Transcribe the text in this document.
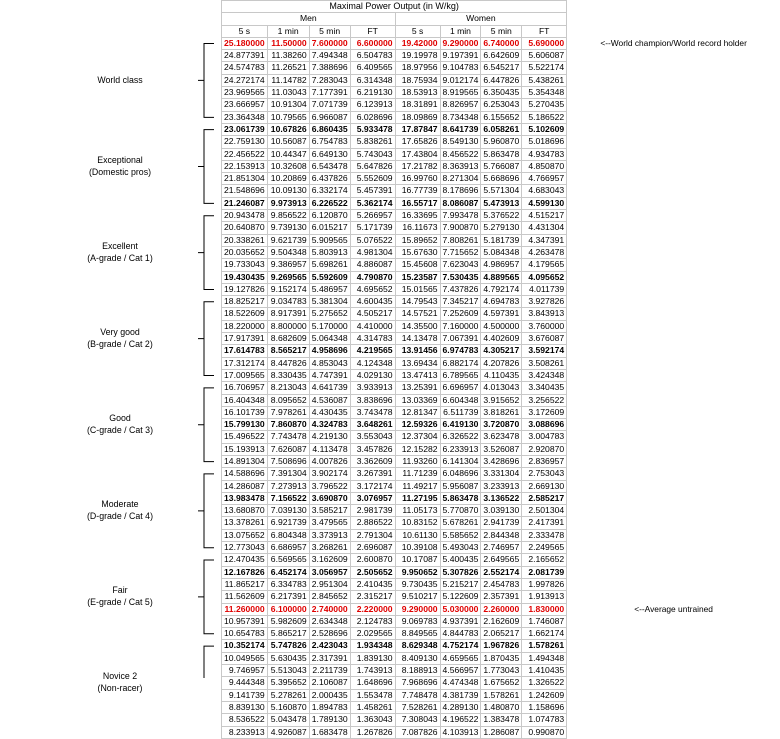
	Maximal Power Output (in W/kg)								
	Men				Women				
	5 s	1 min	5 min	FT	5 s	1 min	5 min	FT	
	25.180000	11.50000	7.600000	6.600000	19.42000	9.290000	6.740000	5.690000	<--World champion/World record holder
	24.877391	11.38260	7.494348	6.504783	19.19978	9.197391	6.642609	5.606087	
	24.574783	11.26521	7.388696	6.409565	18.97956	9.104783	6.545217	5.522174	
	24.272174	11.14782	7.283043	6.314348	18.75934	9.012174	6.447826	5.438261	
	23.969565	11.03043	7.177391	6.219130	18.53913	8.919565	6.350435	5.354348	
	23.666957	10.91304	7.071739	6.123913	18.31891	8.826957	6.253043	5.270435	
	23.364348	10.79565	6.966087	6.028696	18.09869	8.734348	6.155652	5.186522	
	23.061739	10.67826	6.860435	5.933478	17.87847	8.641739	6.058261	5.102609	
	22.759130	10.56087	6.754783	5.838261	17.65826	8.549130	5.960870	5.018696	
	22.456522	10.44347	6.649130	5.743043	17.43804	8.456522	5.863478	4.934783	
	22.153913	10.32608	6.543478	5.647826	17.21782	8.363913	5.766087	4.850870	
	21.851304	10.20869	6.437826	5.552609	16.99760	8.271304	5.668696	4.766957	
	21.548696	10.09130	6.332174	5.457391	16.77739	8.178696	5.571304	4.683043	
	21.246087	9.973913	6.226522	5.362174	16.55717	8.086087	5.473913	4.599130	
	20.943478	9.856522	6.120870	5.266957	16.33695	7.993478	5.376522	4.515217	
	20.640870	9.739130	6.015217	5.171739	16.11673	7.900870	5.279130	4.431304	
	20.338261	9.621739	5.909565	5.076522	15.89652	7.808261	5.181739	4.347391	
	20.035652	9.504348	5.803913	4.981304	15.67630	7.715652	5.084348	4.263478	
	19.733043	9.386957	5.698261	4.886087	15.45608	7.623043	4.986957	4.179565	
	19.430435	9.269565	5.592609	4.790870	15.23587	7.530435	4.889565	4.095652	
	19.127826	9.152174	5.486957	4.695652	15.01565	7.437826	4.792174	4.011739	
	18.825217	9.034783	5.381304	4.600435	14.79543	7.345217	4.694783	3.927826	
	18.522609	8.917391	5.275652	4.505217	14.57521	7.252609	4.597391	3.843913	
	18.220000	8.800000	5.170000	4.410000	14.35500	7.160000	4.500000	3.760000	
	17.917391	8.682609	5.064348	4.314783	14.13478	7.067391	4.402609	3.676087	
	17.614783	8.565217	4.958696	4.219565	13.91456	6.974783	4.305217	3.592174	
	17.312174	8.447826	4.853043	4.124348	13.69434	6.882174	4.207826	3.508261	
	17.009565	8.330435	4.747391	4.029130	13.47413	6.789565	4.110435	3.424348	
	16.706957	8.213043	4.641739	3.933913	13.25391	6.696957	4.013043	3.340435	
	16.404348	8.095652	4.536087	3.838696	13.03369	6.604348	3.915652	3.256522	
	16.101739	7.978261	4.430435	3.743478	12.81347	6.511739	3.818261	3.172609	
	15.799130	7.860870	4.324783	3.648261	12.59326	6.419130	3.720870	3.088696	
	15.496522	7.743478	4.219130	3.553043	12.37304	6.326522	3.623478	3.004783	
	15.193913	7.626087	4.113478	3.457826	12.15282	6.233913	3.526087	2.920870	
	14.891304	7.508696	4.007826	3.362609	11.93260	6.141304	3.428696	2.836957	
	14.588696	7.391304	3.902174	3.267391	11.71239	6.048696	3.331304	2.753043	
	14.286087	7.273913	3.796522	3.172174	11.49217	5.956087	3.233913	2.669130	
	13.983478	7.156522	3.690870	3.076957	11.27195	5.863478	3.136522	2.585217	
	13.680870	7.039130	3.585217	2.981739	11.05173	5.770870	3.039130	2.501304	
	13.378261	6.921739	3.479565	2.886522	10.83152	5.678261	2.941739	2.417391	
	13.075652	6.804348	3.373913	2.791304	10.61130	5.585652	2.844348	2.333478	
	12.773043	6.686957	3.268261	2.696087	10.39108	5.493043	2.746957	2.249565	
	12.470435	6.569565	3.162609	2.600870	10.17087	5.400435	2.649565	2.165652	
	12.167826	6.452174	3.056957	2.505652	9.950652	5.307826	2.552174	2.081739	
	11.865217	6.334783	2.951304	2.410435	9.730435	5.215217	2.454783	1.997826	
	11.562609	6.217391	2.845652	2.315217	9.510217	5.122609	2.357391	1.913913	
	11.260000	6.100000	2.740000	2.220000	9.290000	5.030000	2.260000	1.830000	<--Average untrained
	10.957391	5.982609	2.634348	2.124783	9.069783	4.937391	2.162609	1.746087	
	10.654783	5.865217	2.528696	2.029565	8.849565	4.844783	2.065217	1.662174	
	10.352174	5.747826	2.423043	1.934348	8.629348	4.752174	1.967826	1.578261	
	10.049565	5.630435	2.317391	1.839130	8.409130	4.659565	1.870435	1.494348	
	9.746957	5.513043	2.211739	1.743913	8.188913	4.566957	1.773043	1.410435	
	9.444348	5.395652	2.106087	1.648696	7.968696	4.474348	1.675652	1.326522	
	9.141739	5.278261	2.000435	1.553478	7.748478	4.381739	1.578261	1.242609	
	8.839130	5.160870	1.894783	1.458261	7.528261	4.289130	1.480870	1.158696	
	8.536522	5.043478	1.789130	1.363043	7.308043	4.196522	1.383478	1.074783	
	8.233913	4.926087	1.683478	1.267826	7.087826	4.103913	1.286087	0.990870	
World class
Exceptional
(Domestic pros)
Excellent
(A-grade / Cat 1)
Very good
(B-grade / Cat 2)
Good
(C-grade / Cat 3)
Moderate
(D-grade / Cat 4)
Fair
(E-grade / Cat 5)
Novice 2
(Non-racer)
